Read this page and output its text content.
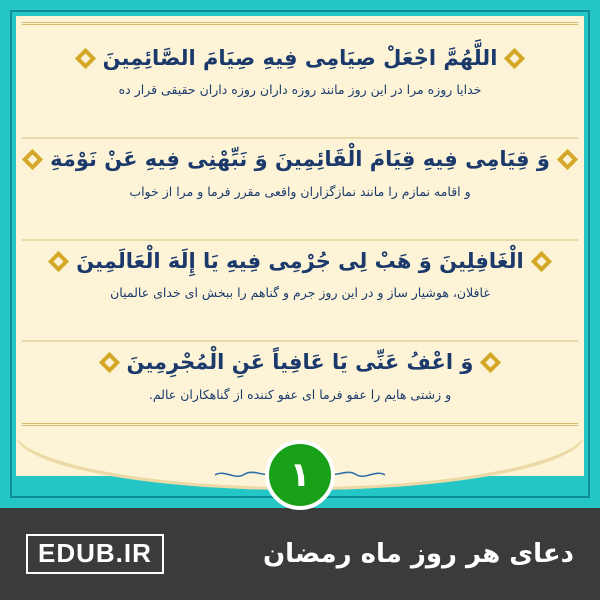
اللَّهُمَّ اجْعَلْ صِيَامِى فِيهِ صِيَامَ الصَّائِمِينَ
خدایا روزه مرا در این روز مانند روزه داران روزه داران حقیقی قرار ده
وَ قِيَامِى فِيهِ قِيَامَ الْقَائِمِينَ وَ نَبِّهْنِى فِيهِ عَنْ نَوْمَةِ
و اقامه نمازم را مانند نمازگزاران واقعی مقرر فرما و مرا از خواب
الْغَافِلِينَ وَ هَبْ لِى جُرْمِى فِيهِ يَا إِلَهَ الْعَالَمِينَ
غافلان، هوشیار ساز و در این روز جرم و گناهم را ببخش ای خدای عالمیان
وَ اعْفُ عَنِّى يَا عَافِياً عَنِ الْمُجْرِمِينَ
و زشتی هایم را عفو فرما ای عفو کننده از گناهکاران عالم.
۱
EDUB.IR	دعای هر روز ماه رمضان
